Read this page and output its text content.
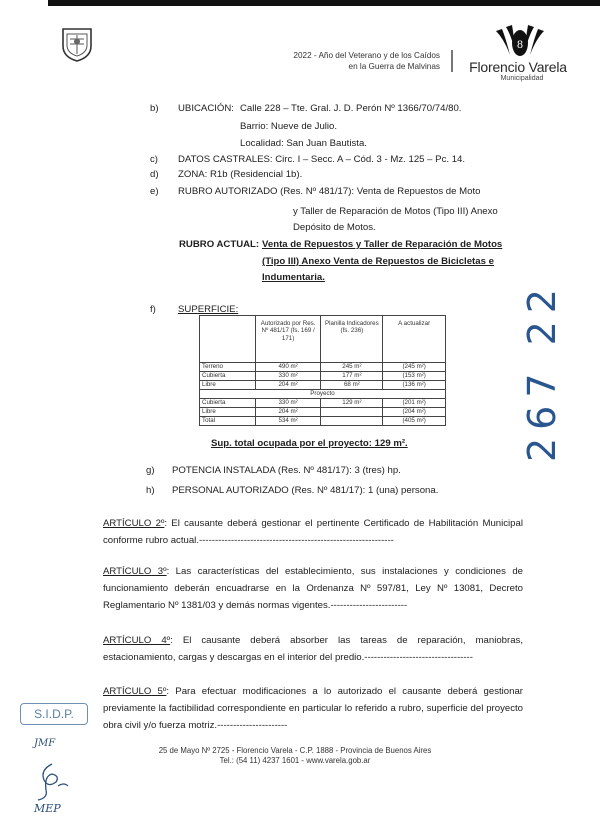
2022 - Año del Veterano y de los Caídos
en la Guerra de Malvinas
8
Florencio Varela
Municipalidad
b) UBICACIÓN: Calle 228 – Tte. Gral. J. D. Perón Nº 1366/70/74/80.
Barrio: Nueve de Julio.
Localidad: San Juan Bautista.
c) DATOS CASTRALES: Circ. I – Secc. A – Cód. 3 - Mz. 125 – Pc. 14.
d) ZONA: R1b (Residencial 1b).
e) RUBRO AUTORIZADO (Res. Nº 481/17): Venta de Repuestos de Moto
y Taller de Reparación de Motos (Tipo III) Anexo
Depósito de Motos.
RUBRO ACTUAL: Venta de Repuestos y Taller de Reparación de Motos
(Tipo III) Anexo Venta de Repuestos de Bicicletas e
Indumentaria.
f) SUPERFICIE:
	Autorizado por Res. Nº 481/17 (fs. 169 / 171)	Planilla Indicadores (fs. 236)	A actualizar
Terreno	490 m²	245 m²	(245 m²)
Cubierta	330 m²	177 m²	(153 m²)
Libre	204 m²	68 m²	(136 m²)
Proyecto			
Cubierta	330 m²	129 m²	(201 m²)
Libre	204 m²		(204 m²)
Total	534 m²		(405 m²)
Sup. total ocupada por el proyecto: 129 m².
g) POTENCIA INSTALADA (Res. Nº 481/17): 3 (tres) hp.
h) PERSONAL AUTORIZADO (Res. Nº 481/17): 1 (una) persona.
ARTÍCULO 2º: El causante deberá gestionar el pertinente Certificado de Habilitación Municipal conforme rubro actual.-------------------------------------------------------------
ARTÍCULO 3º: Las características del establecimiento, sus instalaciones y condiciones de funcionamiento deberán encuadrarse en la Ordenanza Nº 597/81, Ley Nº 13081, Decreto Reglamentario Nº 1381/03 y demás normas vigentes.------------------------
ARTÍCULO 4º: El causante deberá absorber las tareas de reparación, maniobras, estacionamiento, cargas y descargas en el interior del predio.----------------------------------
ARTÍCULO 5º: Para efectuar modificaciones a lo autorizado el causante deberá gestionar previamente la factibilidad correspondiente en particular lo referido a rubro, superficie del proyecto obra civil y/o fuerza motriz.----------------------
267 22
S.I.D.P.
JMF
MEP
25 de Mayo Nº 2725 - Florencio Varela - C.P. 1888 - Provincia de Buenos Aires
Tel.: (54 11) 4237 1601 - www.varela.gob.ar
